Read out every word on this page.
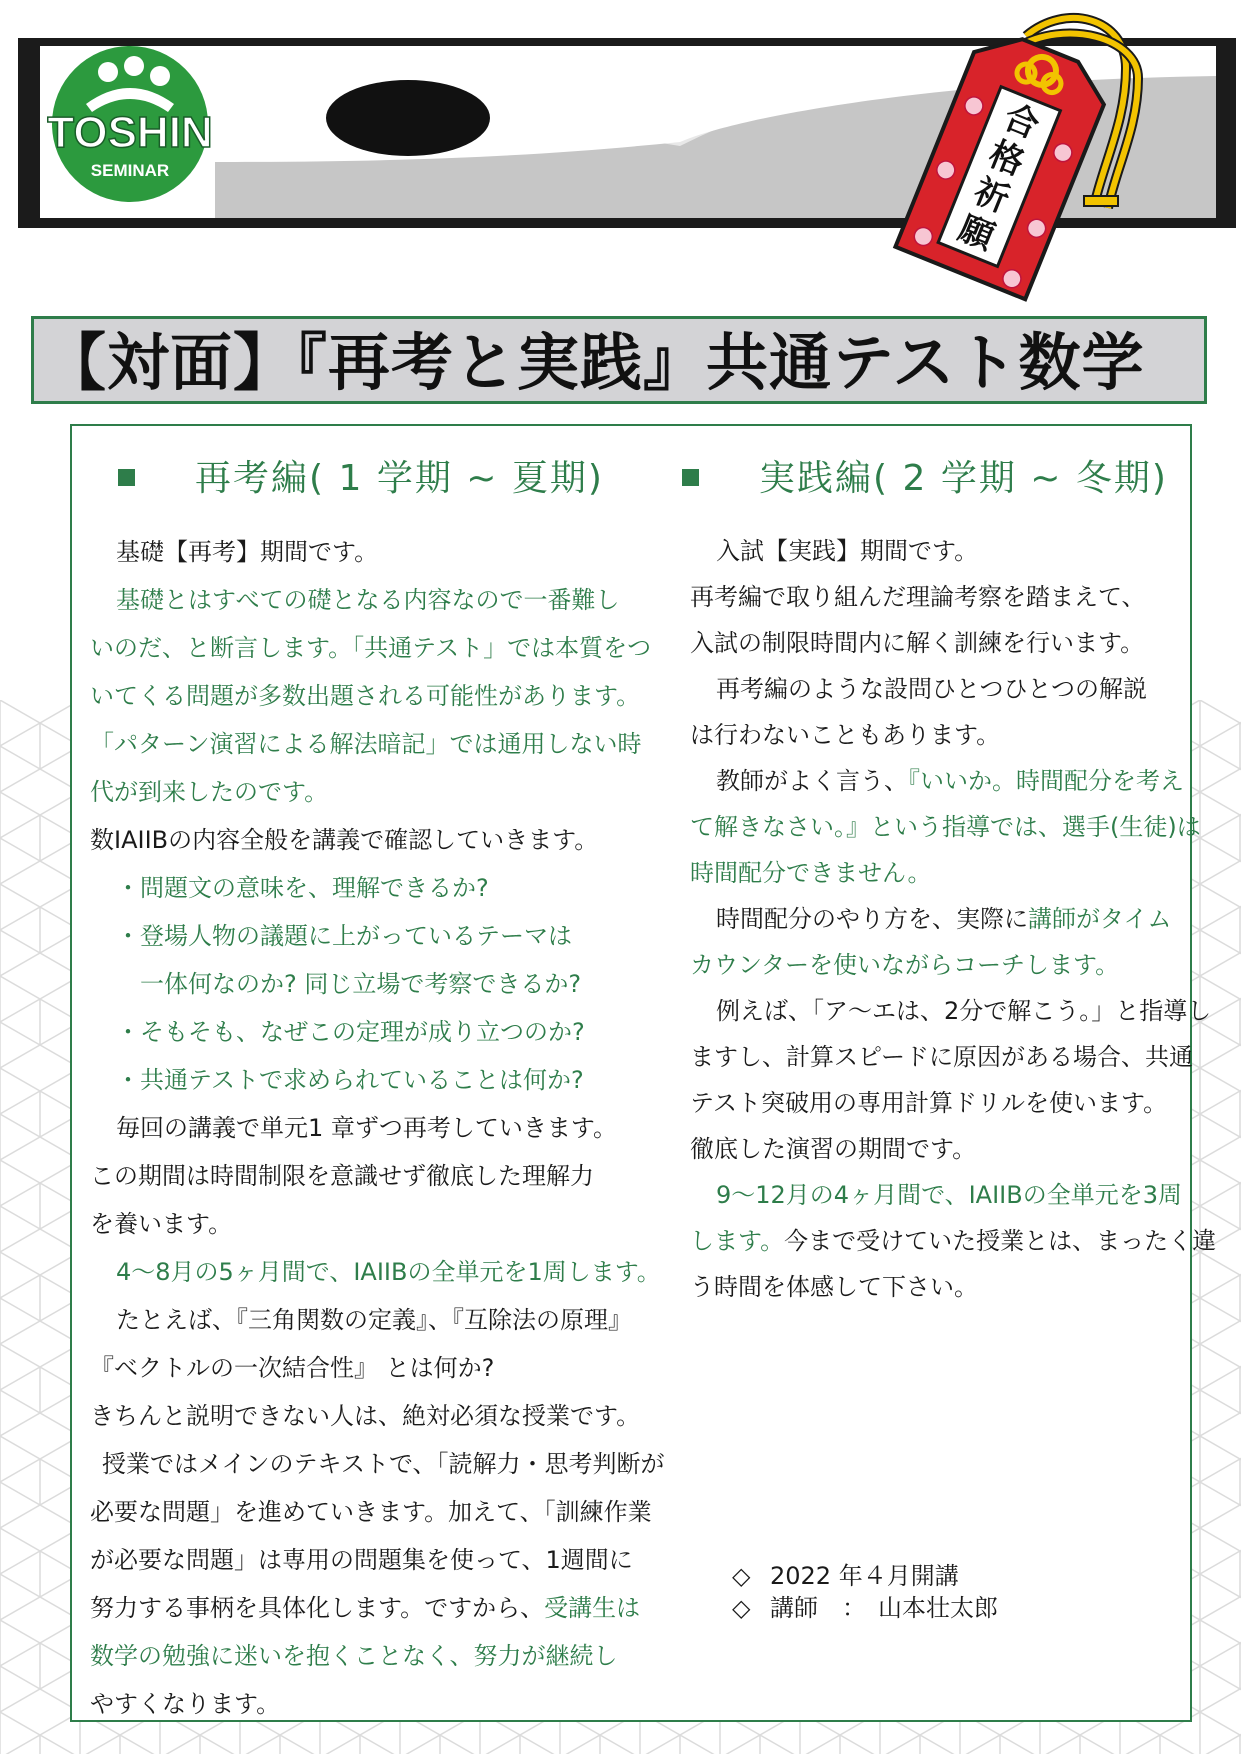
TOSHIN
SEMINAR
合
格
祈
願
【対面】『再考と実践』共通テスト数学
再考編( 1 学期 ~ 夏期)	実践編( 2 学期 ~ 冬期)
基礎【再考】期間です。
基礎とはすべての礎となる内容なので一番難し
いのだ、と断言します。「共通テスト」では本質をつ
いてくる問題が多数出題される可能性があります。
「パターン演習による解法暗記」では通用しない時
代が到来したのです。
数IAIIBの内容全般を講義で確認していきます。
・問題文の意味を、理解できるか?
・登場人物の議題に上がっているテーマは
一体何なのか? 同じ立場で考察できるか?
・そもそも、なぜこの定理が成り立つのか?
・共通テストで求められていることは何か?
毎回の講義で単元1 章ずつ再考していきます。
この期間は時間制限を意識せず徹底した理解力
を養います。
4～8月の5ヶ月間で、IAIIBの全単元を1周します。
たとえば、『三角関数の定義』、『互除法の原理』
『ベクトルの一次結合性』 とは何か?
きちんと説明できない人は、絶対必須な授業です。
授業ではメインのテキストで、「読解力・思考判断が
必要な問題」を進めていきます。加えて、「訓練作業
が必要な問題」は専用の問題集を使って、1週間に
努力する事柄を具体化します。ですから、受講生は
数学の勉強に迷いを抱くことなく、努力が継続し
やすくなります。
入試【実践】期間です。
再考編で取り組んだ理論考察を踏まえて、
入試の制限時間内に解く訓練を行います。
再考編のような設問ひとつひとつの解説
は行わないこともあります。
教師がよく言う、『いいか。時間配分を考え
て解きなさい。』という指導では、選手(生徒)は
時間配分できません。
時間配分のやり方を、実際に講師がタイム
カウンターを使いながらコーチします。
例えば、「ア～エは、2分で解こう。」と指導し
ますし、計算スピードに原因がある場合、共通
テスト突破用の専用計算ドリルを使います。
徹底した演習の期間です。
9～12月の4ヶ月間で、IAIIBの全単元を3周
します。今まで受けていた授業とは、まったく違
う時間を体感して下さい。
◇ 2022 年４月開講
◇ 講師　：　山本壮太郎
